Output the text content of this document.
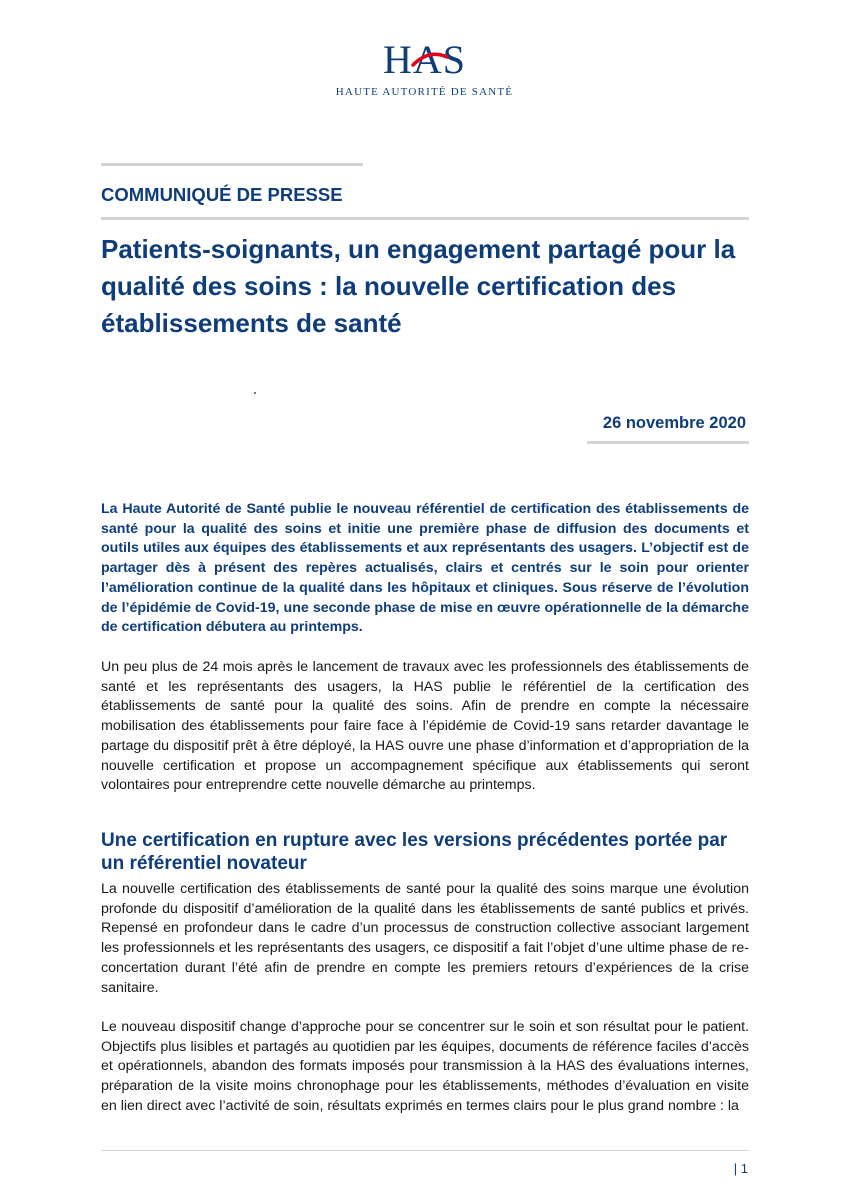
HAS
HAUTE AUTORITÉ DE SANTÉ
COMMUNIQUÉ DE PRESSE
Patients-soignants, un engagement partagé pour la qualité des soins : la nouvelle certification des établissements de santé
26 novembre 2020

La Haute Autorité de Santé publie le nouveau référentiel de certification des établissements de santé pour la qualité des soins et initie une première phase de diffusion des documents et outils utiles aux équipes des établissements et aux représentants des usagers. L’objectif est de partager dès à présent des repères actualisés, clairs et centrés sur le soin pour orienter l’amélioration continue de la qualité dans les hôpitaux et cliniques. Sous réserve de l’évolution de l’épidémie de Covid-19, une seconde phase de mise en œuvre opérationnelle de la démarche de certification débutera au printemps.

Un peu plus de 24 mois après le lancement de travaux avec les professionnels des établissements de santé et les représentants des usagers, la HAS publie le référentiel de la certification des établissements de santé pour la qualité des soins. Afin de prendre en compte la nécessaire mobilisation des établissements pour faire face à l’épidémie de Covid-19 sans retarder davantage le partage du dispositif prêt à être déployé, la HAS ouvre une phase d’information et d’appropriation de la nouvelle certification et propose un accompagnement spécifique aux établissements qui seront volontaires pour entreprendre cette nouvelle démarche au printemps.

Une certification en rupture avec les versions précédentes portée par un référentiel novateur

La nouvelle certification des établissements de santé pour la qualité des soins marque une évolution profonde du dispositif d’amélioration de la qualité dans les établissements de santé publics et privés. Repensé en profondeur dans le cadre d’un processus de construction collective associant largement les professionnels et les représentants des usagers, ce dispositif a fait l’objet d’une ultime phase de re-concertation durant l’été afin de prendre en compte les premiers retours d’expériences de la crise sanitaire.

Le nouveau dispositif change d’approche pour se concentrer sur le soin et son résultat pour le patient. Objectifs plus lisibles et partagés au quotidien par les équipes, documents de référence faciles d’accès et opérationnels, abandon des formats imposés pour transmission à la HAS des évaluations internes, préparation de la visite moins chronophage pour les établissements, méthodes d’évaluation en visite en lien direct avec l’activité de soin, résultats exprimés en termes clairs pour le plus grand nombre : la

| 1
